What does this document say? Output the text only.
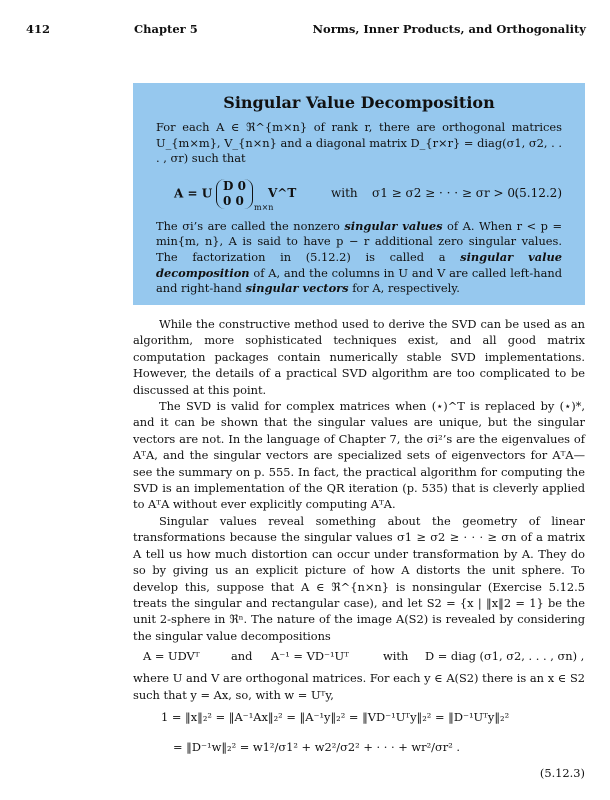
412	Chapter 5	Norms, Inner Products, and Orthogonality
Singular Value Decomposition

For each A ∈ ℜ^{m×n} of rank r, there are orthogonal matrices U_{m×m}, V_{n×n} and a diagonal matrix D_{r×r} = diag(σ1, σ2, . . . , σr) such that

A = U D 0
0 0
V^T
m×n
with σ1 ≥ σ2 ≥ · · · ≥ σr > 0.
(5.12.2)

The σi’s are called the nonzero singular values of A. When r < p = min{m, n}, A is said to have p − r additional zero singular values. The factorization in (5.12.2) is called a singular value decomposition of A, and the columns in U and V are called left-hand and right-hand singular vectors for A, respectively.

While the constructive method used to derive the SVD can be used as an algorithm, more sophisticated techniques exist, and all good matrix computation packages contain numerically stable SVD implementations. However, the details of a practical SVD algorithm are too complicated to be discussed at this point.

The SVD is valid for complex matrices when (⋆)^T is replaced by (⋆)*, and it can be shown that the singular values are unique, but the singular vectors are not. In the language of Chapter 7, the σi²’s are the eigenvalues of AᵀA, and the singular vectors are specialized sets of eigenvectors for AᵀA—see the summary on p. 555. In fact, the practical algorithm for computing the SVD is an implementation of the QR iteration (p. 535) that is cleverly applied to AᵀA without ever explicitly computing AᵀA.

Singular values reveal something about the geometry of linear transformations because the singular values σ1 ≥ σ2 ≥ · · · ≥ σn of a matrix A tell us how much distortion can occur under transformation by A. They do so by giving us an explicit picture of how A distorts the unit sphere. To develop this, suppose that A ∈ ℜ^{n×n} is nonsingular (Exercise 5.12.5 treats the singular and rectangular case), and let S2 = {x | ‖x‖2 = 1} be the unit 2-sphere in ℜⁿ. The nature of the image A(S2) is revealed by considering the singular value decompositions

A = UDVᵀ	and A⁻¹ = VD⁻¹Uᵀ	with D = diag (σ1, σ2, . . . , σn) ,

where U and V are orthogonal matrices. For each y ∈ A(S2) there is an x ∈ S2 such that y = Ax, so, with w = Uᵀy,

1 = ‖x‖₂² = ‖A⁻¹Ax‖₂² = ‖A⁻¹y‖₂² = ‖VD⁻¹Uᵀy‖₂² = ‖D⁻¹Uᵀy‖₂²
= ‖D⁻¹w‖₂² = w1²/σ1² + w2²/σ2² + · · · + wr²/σr² .
(5.12.3)
